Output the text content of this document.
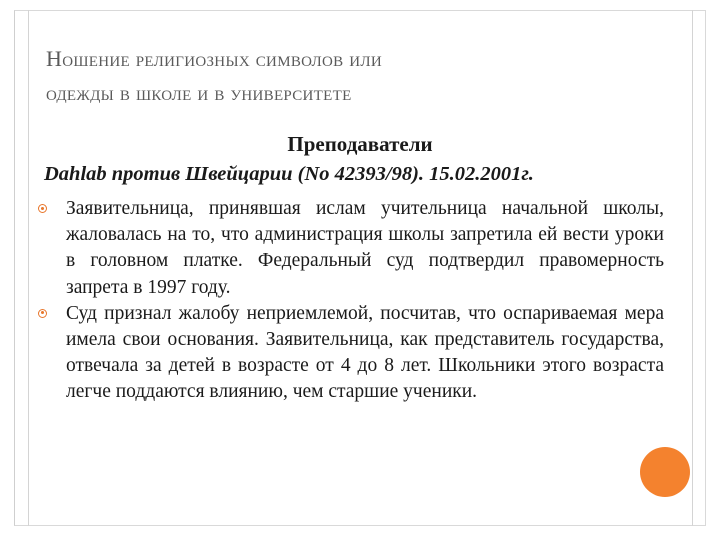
Ношение религиозных символов или
одежды в школе и в университете
Преподаватели
Dahlab против Швейцарии (No 42393/98). 15.02.2001г.
Заявительница, принявшая ислам учительница начальной школы, жаловалась на то, что администрация школы запретила ей вести уроки в головном платке. Федеральный суд подтвердил правомерность запрета в 1997 году.
Суд признал жалобу неприемлемой, посчитав, что оспариваемая мера имела свои основания. Заявительница, как представитель государства, отвечала за детей в возрасте от 4 до 8 лет. Школьники этого возраста легче поддаются влиянию, чем старшие ученики.
